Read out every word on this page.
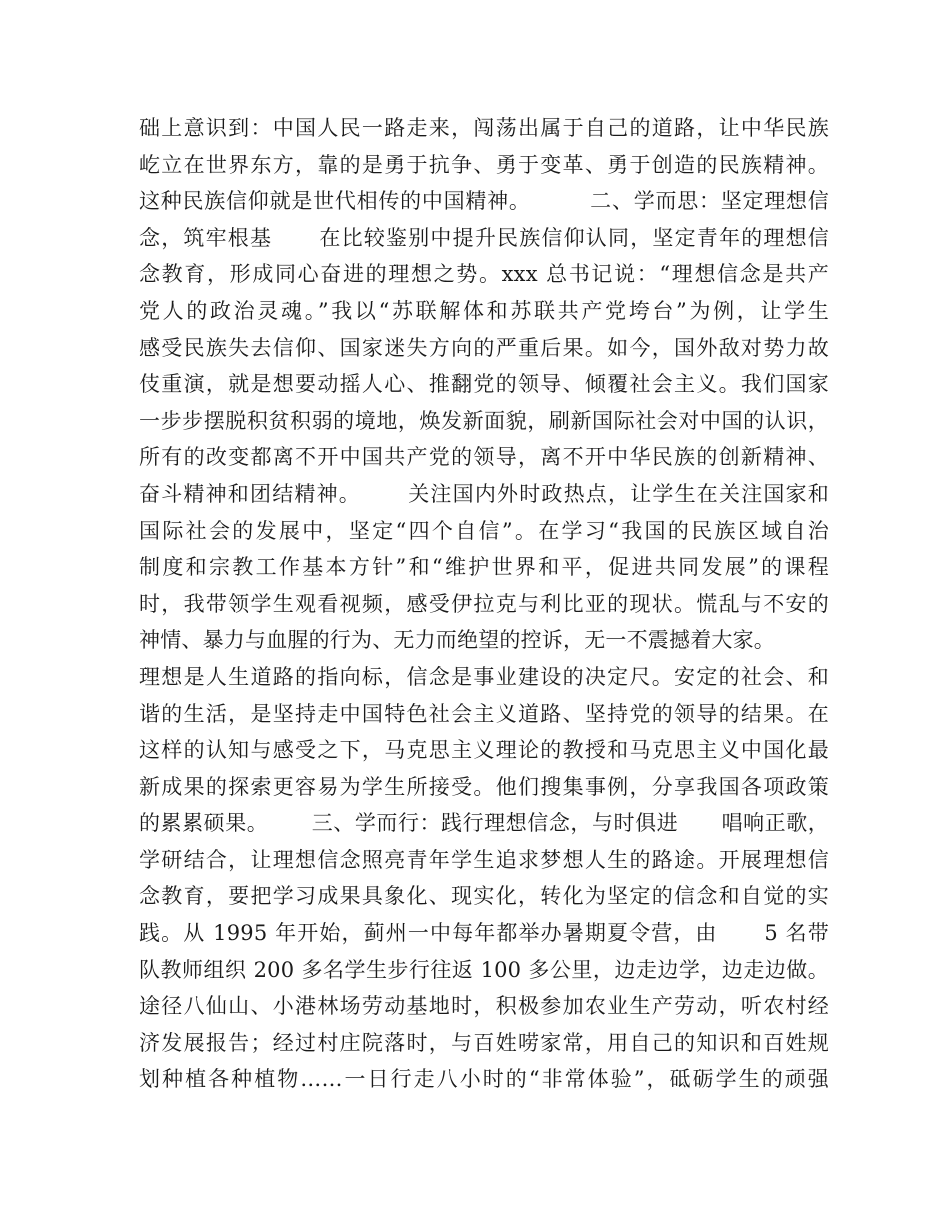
础上意识到：中国人民一路走来，闯荡出属于自己的道路，让中华民族
屹立在世界东方，靠的是勇于抗争、勇于变革、勇于创造的民族精神。
这种民族信仰就是世代相传的中国精神。        二、学而思：坚定理想信
念，筑牢根基      在比较鉴别中提升民族信仰认同，坚定青年的理想信
念教育，形成同心奋进的理想之势。xxx 总书记说：“理想信念是共产
党人的政治灵魂。”我以“苏联解体和苏联共产党垮台”为例，让学生
感受民族失去信仰、国家迷失方向的严重后果。如今，国外敌对势力故
伎重演，就是想要动摇人心、推翻党的领导、倾覆社会主义。我们国家
一步步摆脱积贫积弱的境地，焕发新面貌，刷新国际社会对中国的认识，
所有的改变都离不开中国共产党的领导，离不开中华民族的创新精神、
奋斗精神和团结精神。      关注国内外时政热点，让学生在关注国家和
国际社会的发展中，坚定“四个自信”。在学习“我国的民族区域自治
制度和宗教工作基本方针”和“维护世界和平，促进共同发展”的课程
时，我带领学生观看视频，感受伊拉克与利比亚的现状。慌乱与不安的
神情、暴力与血腥的行为、无力而绝望的控诉，无一不震撼着大家。
理想是人生道路的指向标，信念是事业建设的决定尺。安定的社会、和
谐的生活，是坚持走中国特色社会主义道路、坚持党的领导的结果。在
这样的认知与感受之下，马克思主义理论的教授和马克思主义中国化最
新成果的探索更容易为学生所接受。他们搜集事例，分享我国各项政策
的累累硕果。      三、学而行：践行理想信念，与时俱进      唱响正歌，
学研结合，让理想信念照亮青年学生追求梦想人生的路途。开展理想信
念教育，要把学习成果具象化、现实化，转化为坚定的信念和自觉的实
践。从 1995 年开始，蓟州一中每年都举办暑期夏令营，由      5 名带
队教师组织 200 多名学生步行往返 100 多公里，边走边学，边走边做。
途径八仙山、小港林场劳动基地时，积极参加农业生产劳动，听农村经
济发展报告；经过村庄院落时，与百姓唠家常，用自己的知识和百姓规
划种植各种植物……一日行走八小时的“非常体验”，砥砺学生的顽强
